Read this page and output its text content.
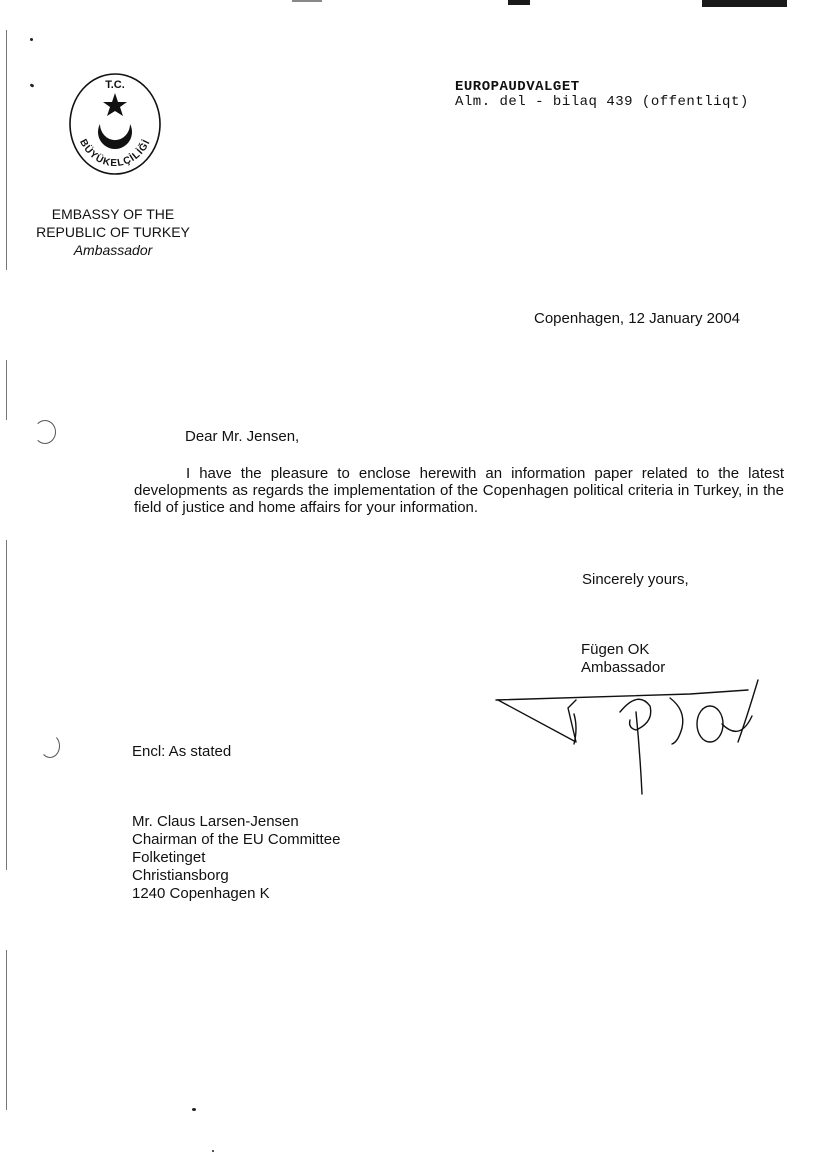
T.C.
BÜYÜKELÇİLİĞİ
EMBASSY OF THE
REPUBLIC OF TURKEY
Ambassador
EUROPAUDVALGET
Alm. del - bilaq 439 (offentliqt)
Copenhagen, 12 January 2004
Dear Mr. Jensen,
I have the pleasure to enclose herewith an information paper related to the latest developments as regards the implementation of the Copenhagen political criteria in Turkey, in the field of justice and home affairs for your information.
Sincerely yours,
Fügen OK
Ambassador
Encl: As stated
Mr. Claus Larsen-Jensen
Chairman of the EU Committee
Folketinget
Christiansborg
1240 Copenhagen K
